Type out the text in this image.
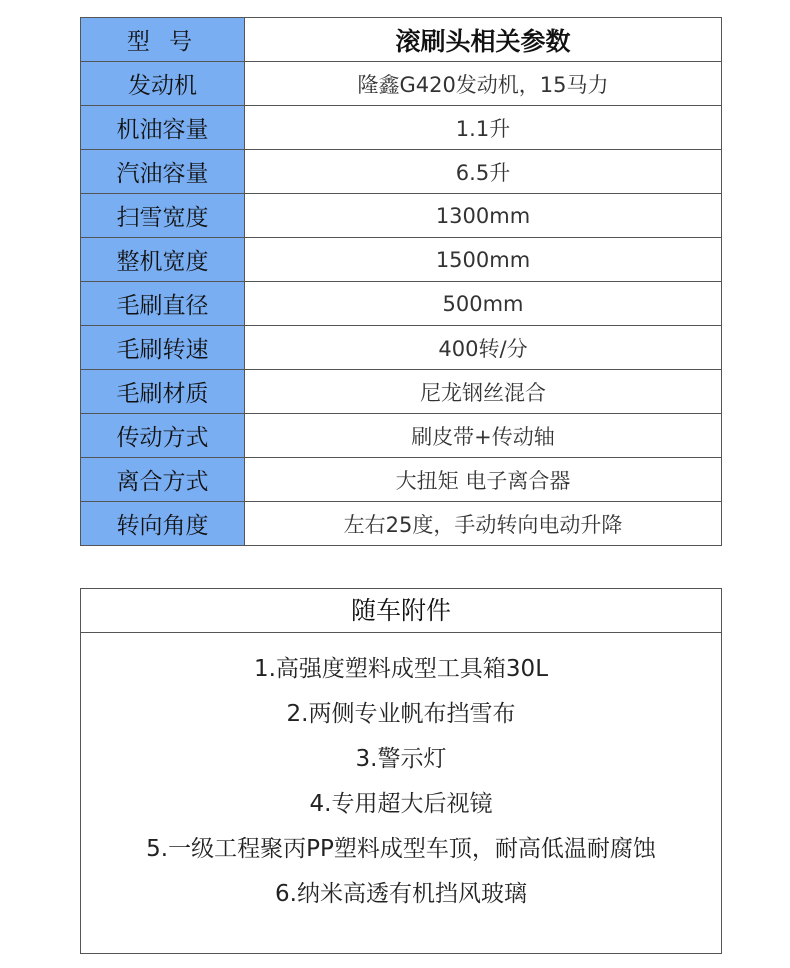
型 号	滚刷头相关参数
发动机	隆鑫G420发动机，15马力
机油容量	1.1升
汽油容量	6.5升
扫雪宽度	1300mm
整机宽度	1500mm
毛刷直径	500mm
毛刷转速	400转/分
毛刷材质	尼龙钢丝混合
传动方式	刷皮带+传动轴
离合方式	大扭矩 电子离合器
转向角度	左右25度，手动转向电动升降
随车附件
1.高强度塑料成型工具箱30L
2.两侧专业帆布挡雪布
3.警示灯
4.专用超大后视镜
5.一级工程聚丙PP塑料成型车顶，耐高低温耐腐蚀
6.纳米高透有机挡风玻璃
